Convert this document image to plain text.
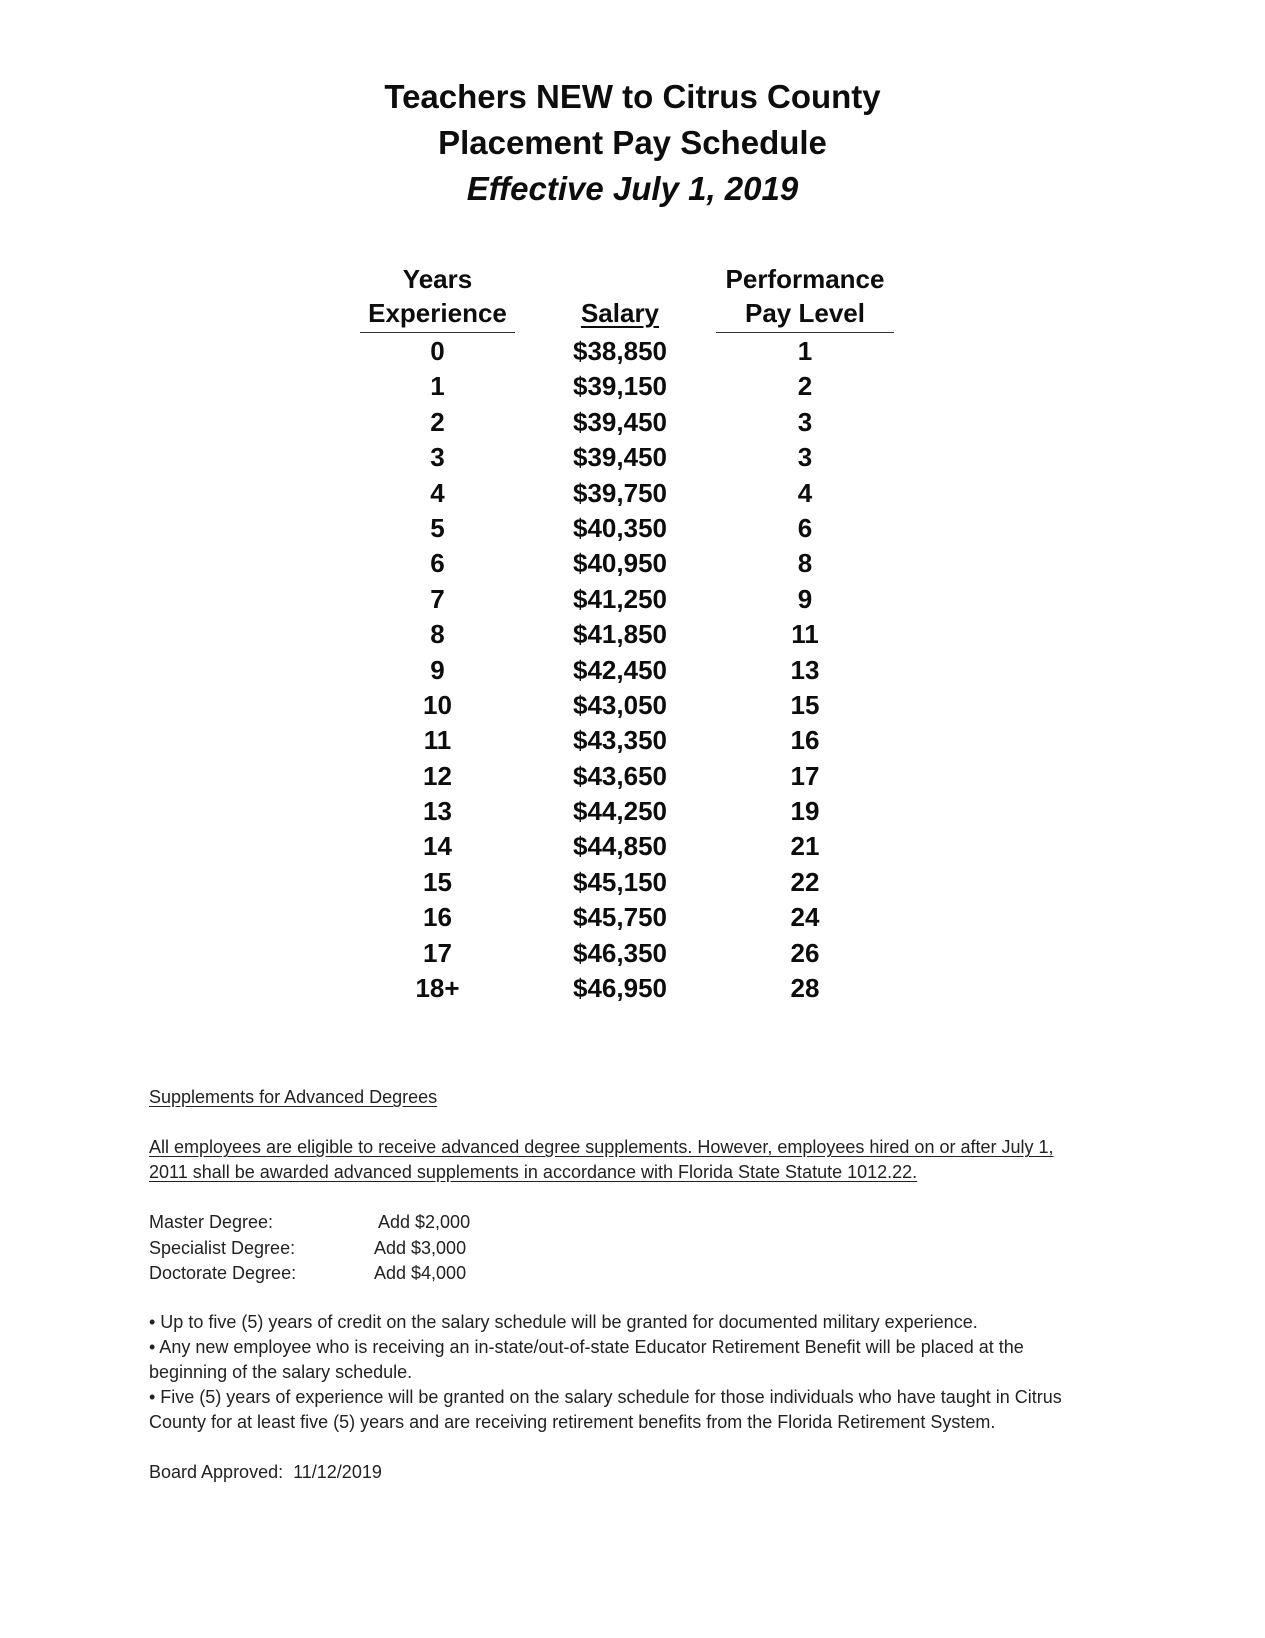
Teachers NEW to Citrus County
Placement Pay Schedule
Effective July 1, 2019
Years
Experience	Salary
Performance
Pay Level
0	$38,850	1
1	$39,150	2
2	$39,450	3
3	$39,450	3
4	$39,750	4
5	$40,350	6
6	$40,950	8
7	$41,250	9
8	$41,850	11
9	$42,450	13
10	$43,050	15
11	$43,350	16
12	$43,650	17
13	$44,250	19
14	$44,850	21
15	$45,150	22
16	$45,750	24
17	$46,350	26
18+	$46,950	28
Supplements for Advanced Degrees
All employees are eligible to receive advanced degree supplements. However, employees hired on or after July 1,
2011 shall be awarded advanced supplements in accordance with Florida State Statute 1012.22.
Master Degree:	Add $2,000
Specialist Degree:	Add $3,000
Doctorate Degree:	Add $4,000
• Up to five (5) years of credit on the salary schedule will be granted for documented military experience.
• Any new employee who is receiving an in-state/out-of-state Educator Retirement Benefit will be placed at the
beginning of the salary schedule.
• Five (5) years of experience will be granted on the salary schedule for those individuals who have taught in Citrus
County for at least five (5) years and are receiving retirement benefits from the Florida Retirement System.
Board Approved:  11/12/2019
